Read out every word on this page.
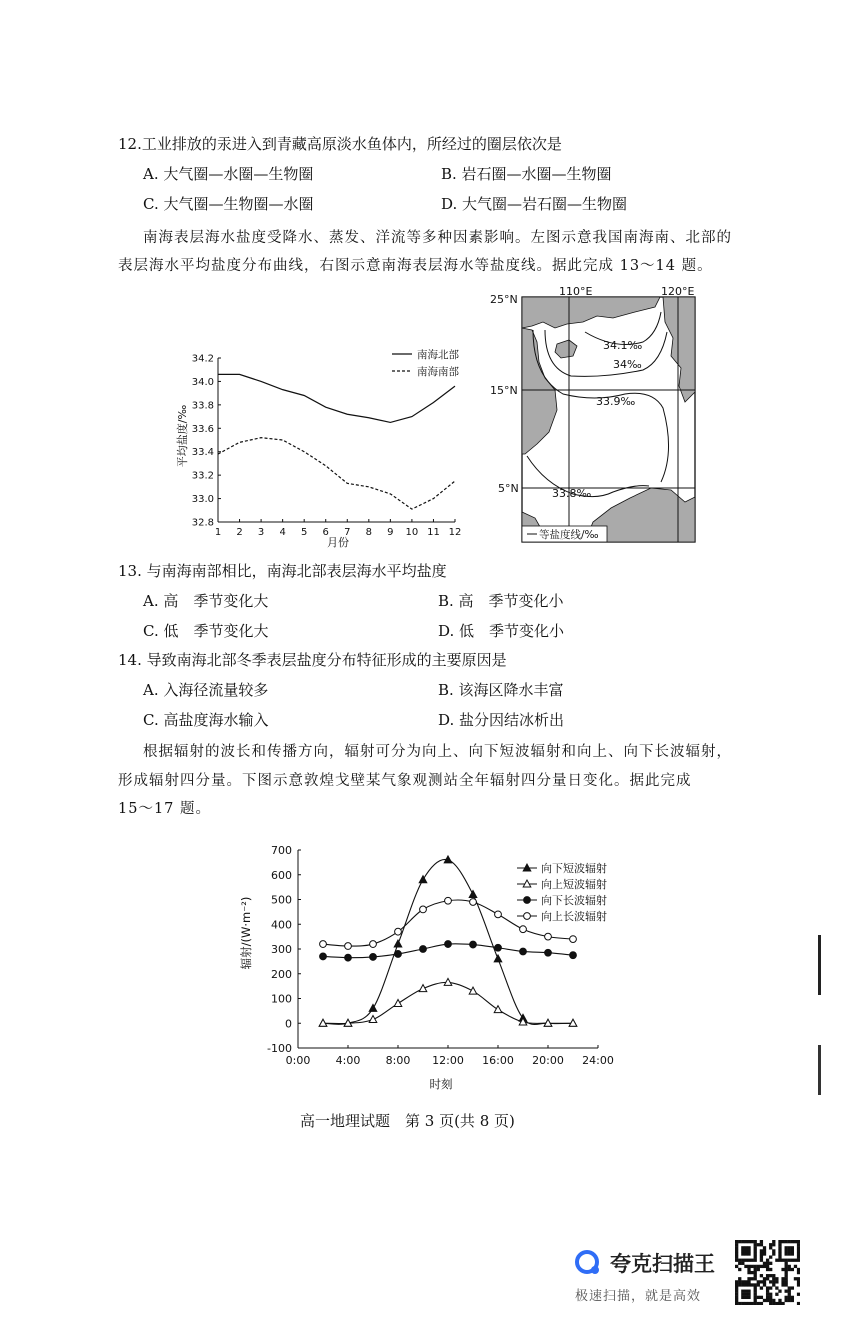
12.工业排放的汞进入到青藏高原淡水鱼体内，所经过的圈层依次是
A. 大气圈—水圈—生物圈	B. 岩石圈—水圈—生物圈
C. 大气圈—生物圈—水圈	D. 大气圈—岩石圈—生物圈
南海表层海水盐度受降水、蒸发、洋流等多种因素影响。左图示意我国南海南、北部的
表层海水平均盐度分布曲线，右图示意南海表层海水等盐度线。据此完成 13～14 题。
32.8
33.0
33.2
33.4
33.6
33.8
34.0
34.2
1 2 3 4 5 6 7 8 9 10 11 12
平均盐度/‰
月份
南海北部
南海南部
34.1‰
34‰
33.9‰
33.8‰
25°N
15°N
5°N
110°E	120°E
等盐度线/‰
13. 与南海南部相比，南海北部表层海水平均盐度
A. 高　季节变化大	B. 高　季节变化小
C. 低　季节变化大	D. 低　季节变化小
14. 导致南海北部冬季表层盐度分布特征形成的主要原因是
A. 入海径流量较多	B. 该海区降水丰富
C. 高盐度海水输入	D. 盐分因结冰析出
根据辐射的波长和传播方向，辐射可分为向上、向下短波辐射和向上、向下长波辐射，
形成辐射四分量。下图示意敦煌戈壁某气象观测站全年辐射四分量日变化。据此完成
15～17 题。
-100
0
100
200
300
400
500
600
700
0:00 4:00 8:00 12:00 16:00 20:00 24:00
辐射/(W·m⁻²)
时刻
向下短波辐射
向上短波辐射
向下长波辐射
向上长波辐射
高一地理试题　第 3 页(共 8 页)
夸克扫描王
极速扫描，就是高效
